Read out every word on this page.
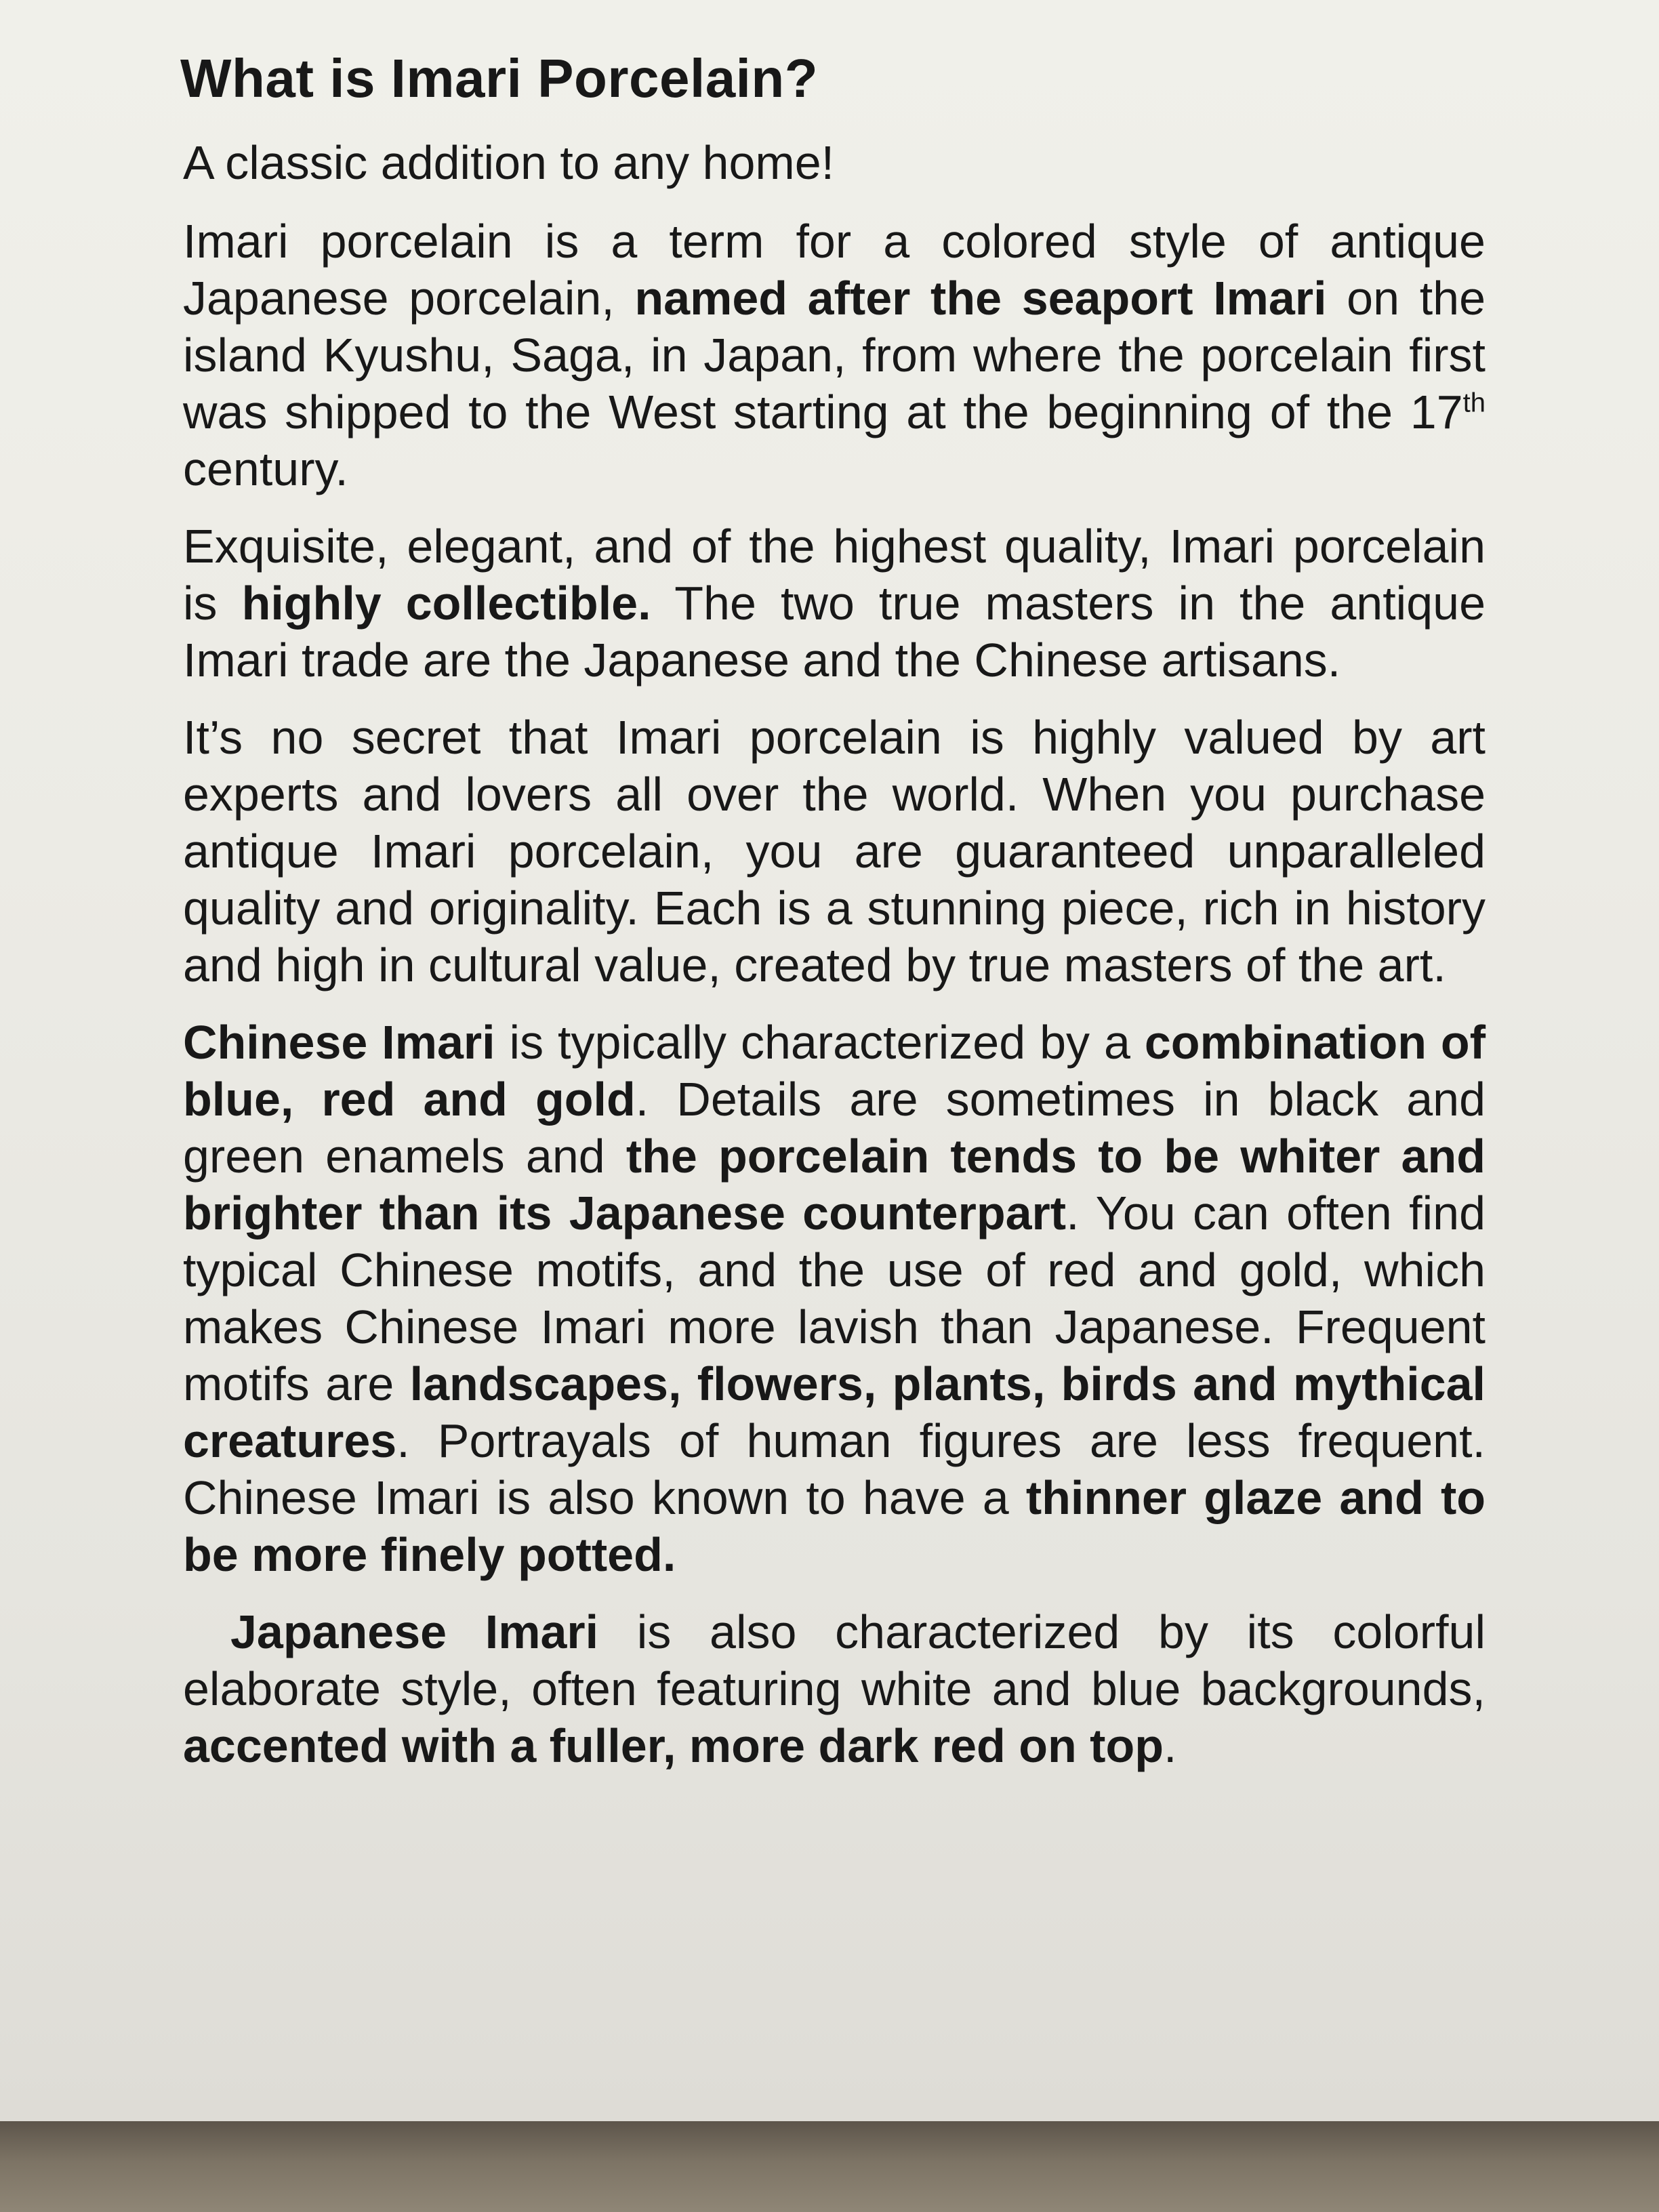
What is Imari Porcelain?
A classic addition to any home!

Imari porcelain is a term for a colored style of antique Japanese porcelain, named after the seaport Imari on the island Kyushu, Saga, in Japan, from where the porcelain first was shipped to the West starting at the beginning of the 17th century.

Exquisite, elegant, and of the highest quality, Imari porcelain is highly collectible. The two true masters in the antique Imari trade are the Japanese and the Chinese artisans.

It’s no secret that Imari porcelain is highly valued by art experts and lovers all over the world. When you purchase antique Imari porcelain, you are guaranteed unparalleled quality and originality. Each is a stunning piece, rich in history and high in cultural value, created by true masters of the art.

Chinese Imari is typically characterized by a combination of blue, red and gold. Details are sometimes in black and green enamels and the porcelain tends to be whiter and brighter than its Japanese counterpart. You can often find typical Chinese motifs, and the use of red and gold, which makes Chinese Imari more lavish than Japanese. Frequent motifs are landscapes, flowers, plants, birds and mythical creatures. Portrayals of human figures are less frequent. Chinese Imari is also known to have a thinner glaze and to be more finely potted.

Japanese Imari is also characterized by its colorful elaborate style, often featuring white and blue backgrounds, accented with a fuller, more dark red on top.
